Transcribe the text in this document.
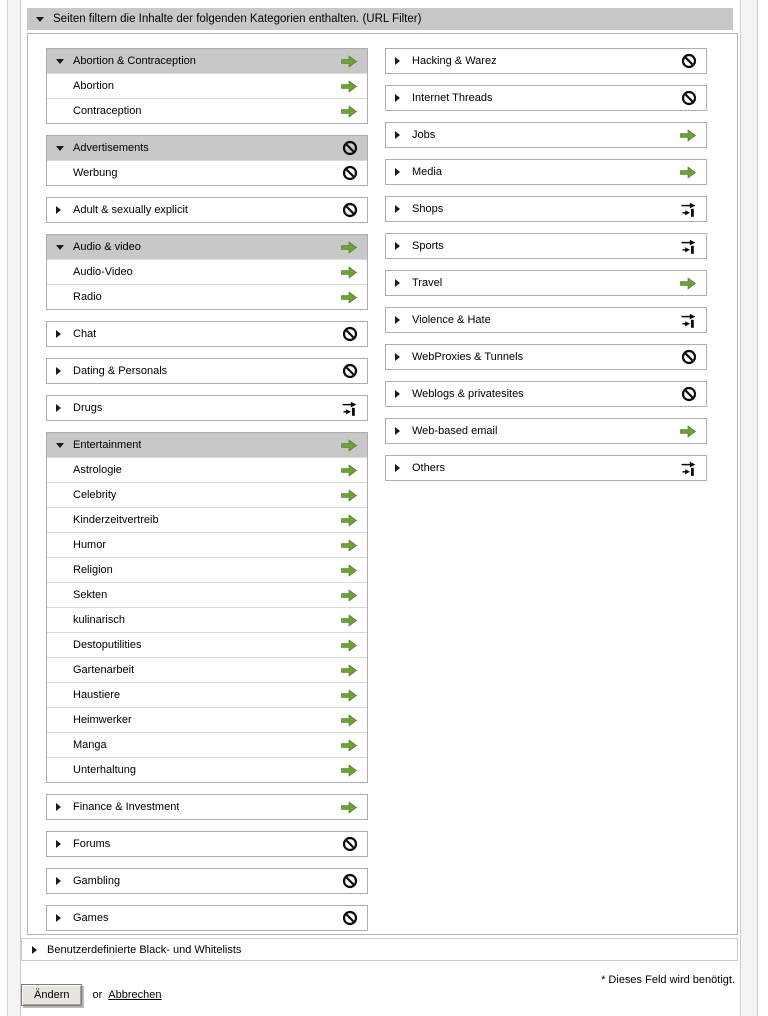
Seiten filtern die Inhalte der folgenden Kategorien enthalten. (URL Filter)
Abortion & Contraception
Abortion
Contraception
Advertisements
Werbung
Adult & sexually explicit
Audio & video
Audio-Video
Radio
Chat
Dating & Personals
Drugs
Entertainment
Astrologie
Celebrity
Kinderzeitvertreib
Humor
Religion
Sekten
kulinarisch
Destoputilities
Gartenarbeit
Haustiere
Heimwerker
Manga
Unterhaltung
Finance & Investment
Forums
Gambling
Games
Hacking & Warez
Internet Threads
Jobs
Media
Shops
Sports
Travel
Violence & Hate
WebProxies & Tunnels
Weblogs & privatesites
Web-based email
Others
Benutzerdefinierte Black- und Whitelists
* Dieses Feld wird benötigt.
Ändern	or Abbrechen
